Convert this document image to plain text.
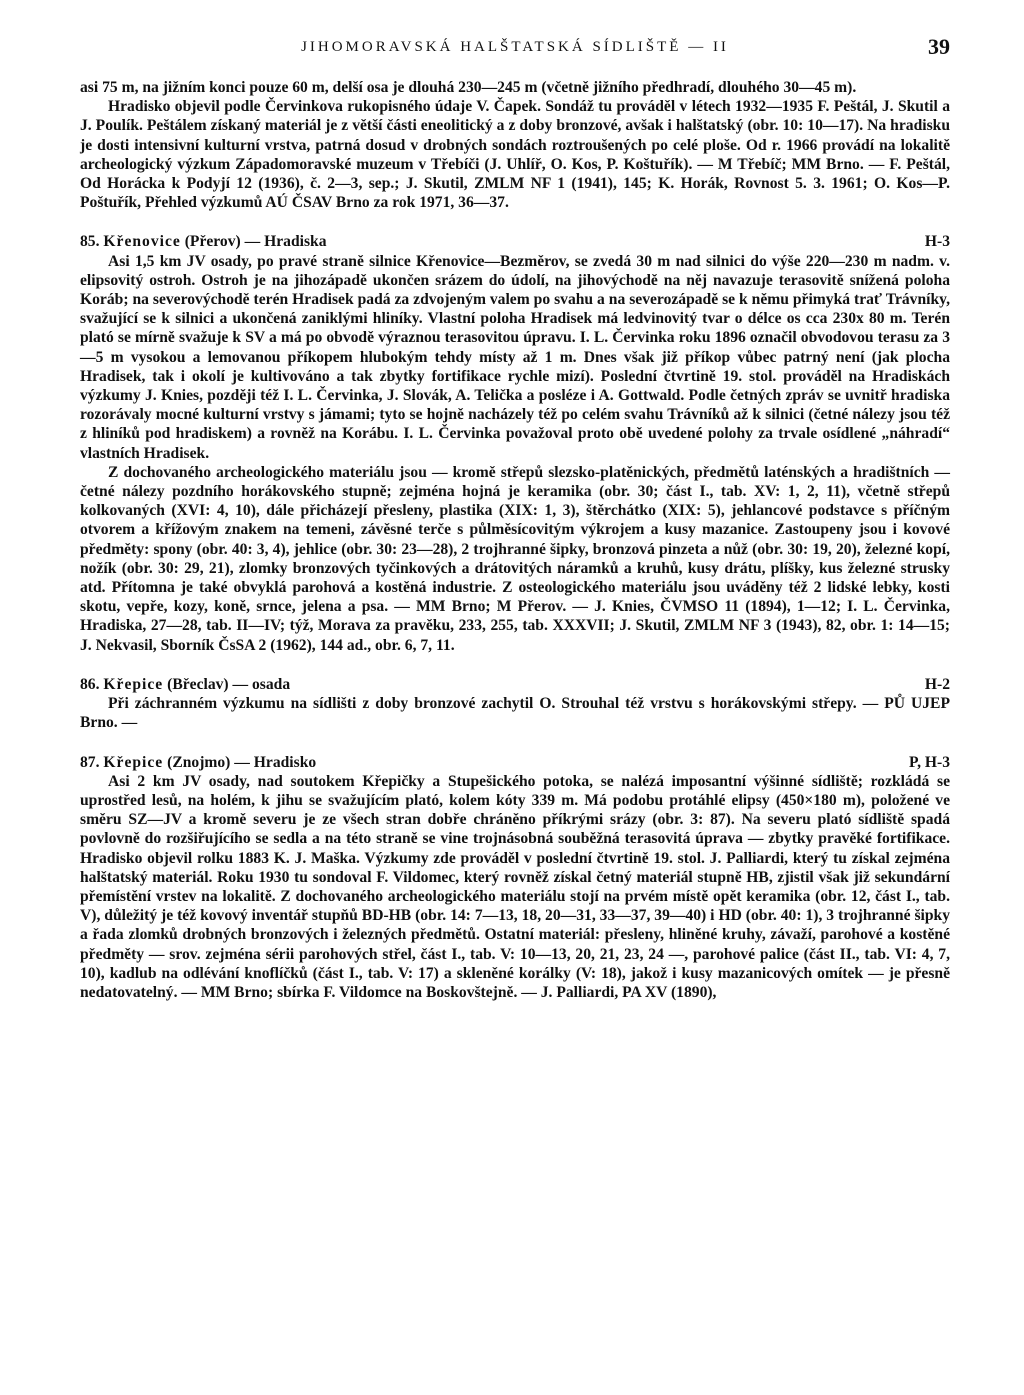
JIHOMORAVSKÁ HALŠTATSKÁ SÍDLIŠTĚ — II	39

asi 75 m, na jižním konci pouze 60 m, delší osa je dlouhá 230—245 m (včetně jižního předhradí, dlouhého 30—45 m).

Hradisko objevil podle Červinkova rukopisného údaje V. Čapek. Sondáž tu prováděl v létech 1932—1935 F. Peštál, J. Skutil a J. Poulík. Peštálem získaný materiál je z větší části eneolitický a z doby bronzové, avšak i halštatský (obr. 10: 10—17). Na hradisku je dosti intensivní kulturní vrstva, patrná dosud v drobných sondách roztroušených po celé ploše. Od r. 1966 provádí na lokalitě archeologický výzkum Západomoravské muzeum v Třebíči (J. Uhlíř, O. Kos, P. Koštuřík). — M Třebíč; MM Brno. — F. Peštál, Od Horácka k Podyjí 12 (1936), č. 2—3, sep.; J. Skutil, ZMLM NF 1 (1941), 145; K. Horák, Rovnost 5. 3. 1961; O. Kos—P. Poštuřík, Přehled výzkumů AÚ ČSAV Brno za rok 1971, 36—37.

85. Křenovice (Přerov) — Hradiska	H-3

Asi 1,5 km JV osady, po pravé straně silnice Křenovice—Bezměrov, se zvedá 30 m nad silnici do výše 220—230 m nadm. v. elipsovitý ostroh. Ostroh je na jihozápadě ukončen srázem do údolí, na jihovýchodě na něj navazuje terasovitě snížená poloha Koráb; na severovýchodě terén Hradisek padá za zdvojeným valem po svahu a na severozápadě se k němu přimyká trať Trávníky, svažující se k silnici a ukončená zaniklými hliníky. Vlastní poloha Hradisek má ledvinovitý tvar o délce os cca 230x 80 m. Terén plató se mírně svažuje k SV a má po obvodě výraznou terasovitou úpravu. I. L. Červinka roku 1896 označil obvodovou terasu za 3—5 m vysokou a lemovanou příkopem hlubokým tehdy místy až 1 m. Dnes však již příkop vůbec patrný není (jak plocha Hradisek, tak i okolí je kultivováno a tak zbytky fortifikace rychle mizí). Poslední čtvrtině 19. stol. prováděl na Hradiskách výzkumy J. Knies, později též I. L. Červinka, J. Slovák, A. Telička a posléze i A. Gottwald. Podle četných zpráv se uvnitř hradiska rozorávaly mocné kulturní vrstvy s jámami; tyto se hojně nacházely též po celém svahu Trávníků až k silnici (četné nálezy jsou též z hliníků pod hradiskem) a rovněž na Korábu. I. L. Červinka považoval proto obě uvedené polohy za trvale osídlené „náhradí“ vlastních Hradisek.

Z dochovaného archeologického materiálu jsou — kromě střepů slezsko-platěnických, předmětů laténských a hradištních — četné nálezy pozdního horákovského stupně; zejména hojná je keramika (obr. 30; část I., tab. XV: 1, 2, 11), včetně střepů kolkovaných (XVI: 4, 10), dále přicházejí přesleny, plastika (XIX: 1, 3), štěrchátko (XIX: 5), jehlancové podstavce s příčným otvorem a křížovým znakem na temeni, závěsné terče s půlměsícovitým výkrojem a kusy mazanice. Zastoupeny jsou i kovové předměty: spony (obr. 40: 3, 4), jehlice (obr. 30: 23—28), 2 trojhranné šipky, bronzová pinzeta a nůž (obr. 30: 19, 20), železné kopí, nožík (obr. 30: 29, 21), zlomky bronzových tyčinkových a drátovitých náramků a kruhů, kusy drátu, plíšky, kus železné strusky atd. Přítomna je také obvyklá parohová a kostěná industrie. Z osteologického materiálu jsou uváděny též 2 lidské lebky, kosti skotu, vepře, kozy, koně, srnce, jelena a psa. — MM Brno; M Přerov. — J. Knies, ČVMSO 11 (1894), 1—12; I. L. Červinka, Hradiska, 27—28, tab. II—IV; týž, Morava za pravěku, 233, 255, tab. XXXVII; J. Skutil, ZMLM NF 3 (1943), 82, obr. 1: 14—15; J. Nekvasil, Sborník ČsSA 2 (1962), 144 ad., obr. 6, 7, 11.

86. Křepice (Břeclav) — osada	H-2

Při záchranném výzkumu na sídlišti z doby bronzové zachytil O. Strouhal též vrstvu s horákovskými střepy. — PŮ UJEP Brno. —

87. Křepice (Znojmo) — Hradisko	P, H-3

Asi 2 km JV osady, nad soutokem Křepičky a Stupešického potoka, se nalézá imposantní výšinné sídliště; rozkládá se uprostřed lesů, na holém, k jihu se svažujícím plató, kolem kóty 339 m. Má podobu protáhlé elipsy (450×180 m), položené ve směru SZ—JV a kromě severu je ze všech stran dobře chráněno příkrými srázy (obr. 3: 87). Na severu plató sídliště spadá povlovně do rozšiřujícího se sedla a na této straně se vine trojnásobná souběžná terasovitá úprava — zbytky pravěké fortifikace. Hradisko objevil rolku 1883 K. J. Maška. Výzkumy zde prováděl v poslední čtvrtině 19. stol. J. Palliardi, který tu získal zejména halštatský materiál. Roku 1930 tu sondoval F. Vildomec, který rovněž získal četný materiál stupně HB, zjistil však již sekundární přemístění vrstev na lokalitě. Z dochovaného archeologického materiálu stojí na prvém místě opět keramika (obr. 12, část I., tab. V), důležitý je též kovový inventář stupňů BD-HB (obr. 14: 7—13, 18, 20—31, 33—37, 39—40) i HD (obr. 40: 1), 3 trojhranné šipky a řada zlomků drobných bronzových i železných předmětů. Ostatní materiál: přesleny, hliněné kruhy, závaží, parohové a kostěné předměty — srov. zejména sérii parohových střel, část I., tab. V: 10—13, 20, 21, 23, 24 —, parohové palice (část II., tab. VI: 4, 7, 10), kadlub na odlévání knoflíčků (část I., tab. V: 17) a skleněné korálky (V: 18), jakož i kusy mazanicových omítek — je přesně nedatovatelný. — MM Brno; sbírka F. Vildomce na Boskovštejně. — J. Palliardi, PA XV (1890),
